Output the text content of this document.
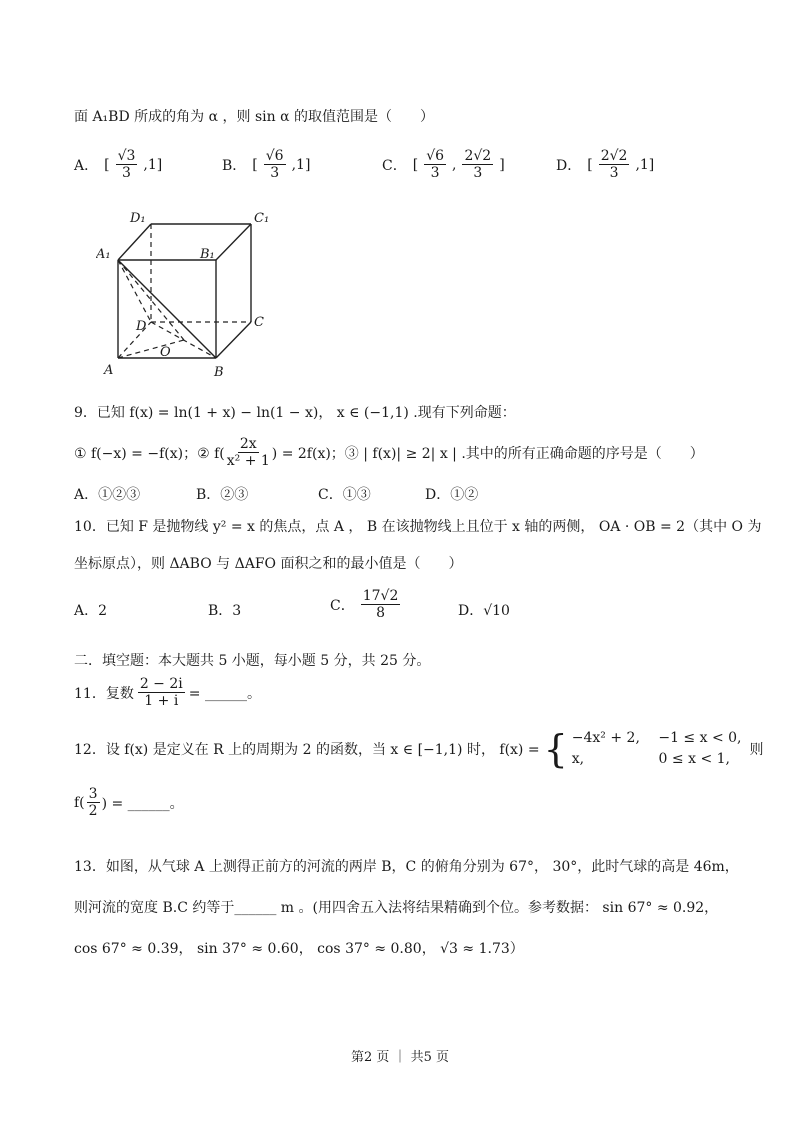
面 A₁BD 所成的角为 α ，则 sin α 的取值范围是（　　）
A． [ $\frac{√3}{3} ,1$]	B． [ $\frac{√6}{3} ,1$]	C． [ $\frac{√6}{3}$ , $\frac{2√2}{3}$ ]	D． [ $\frac{2√2}{3} ,1$]
D₁	C₁
A₁	B₁
D	C
O
A	B
9．已知 f(x) = ln(1 + x) − ln(1 − x)， x ∈ (−1,1) .现有下列命题：
① f(−x) = −f(x)；② $f( \frac{2x}{\text{x² + 1}}$ ) = 2f(x)；③ | f(x)| ≥ 2| x | .其中的所有正确命题的序号是（　　）
A．①②③	B．②③	C．①③	D．①②
10．已知 F 是抛物线 y² = x 的焦点，点 A ， B 在该抛物线上且位于 x 轴的两侧， OA · OB = 2（其中 O 为
坐标原点），则 ΔABO 与 ΔAFO 面积之和的最小值是（　　）
A．2	B．3	C． $\frac{17√2}{8}$	D．√10
二．填空题：本大题共 5 小题，每小题 5 分，共 25 分。
11．复数 $\frac{2 - 2i}{1 + i}$ = ______。
12．设 f(x) 是定义在 R 上的周期为 2 的函数，当 x ∈ [−1,1) 时， f(x) = { −4x² + 2,　 −1 ≤ x < 0,
x,　　　　　 0 ≤ x < 1,
则
$f( \frac{3}{2}$ ) = ______。
13．如图，从气球 A 上测得正前方的河流的两岸 B，C 的俯角分别为 67°， 30°，此时气球的高是 46m，
则河流的宽度 B.C 约等于______ m 。(用四舍五入法将结果精确到个位。参考数据： sin 67° ≈ 0.92，
cos 67° ≈ 0.39， sin 37° ≈ 0.60， cos 37° ≈ 0.80， √3 ≈ 1.73）
第2 页 ｜ 共5 页
